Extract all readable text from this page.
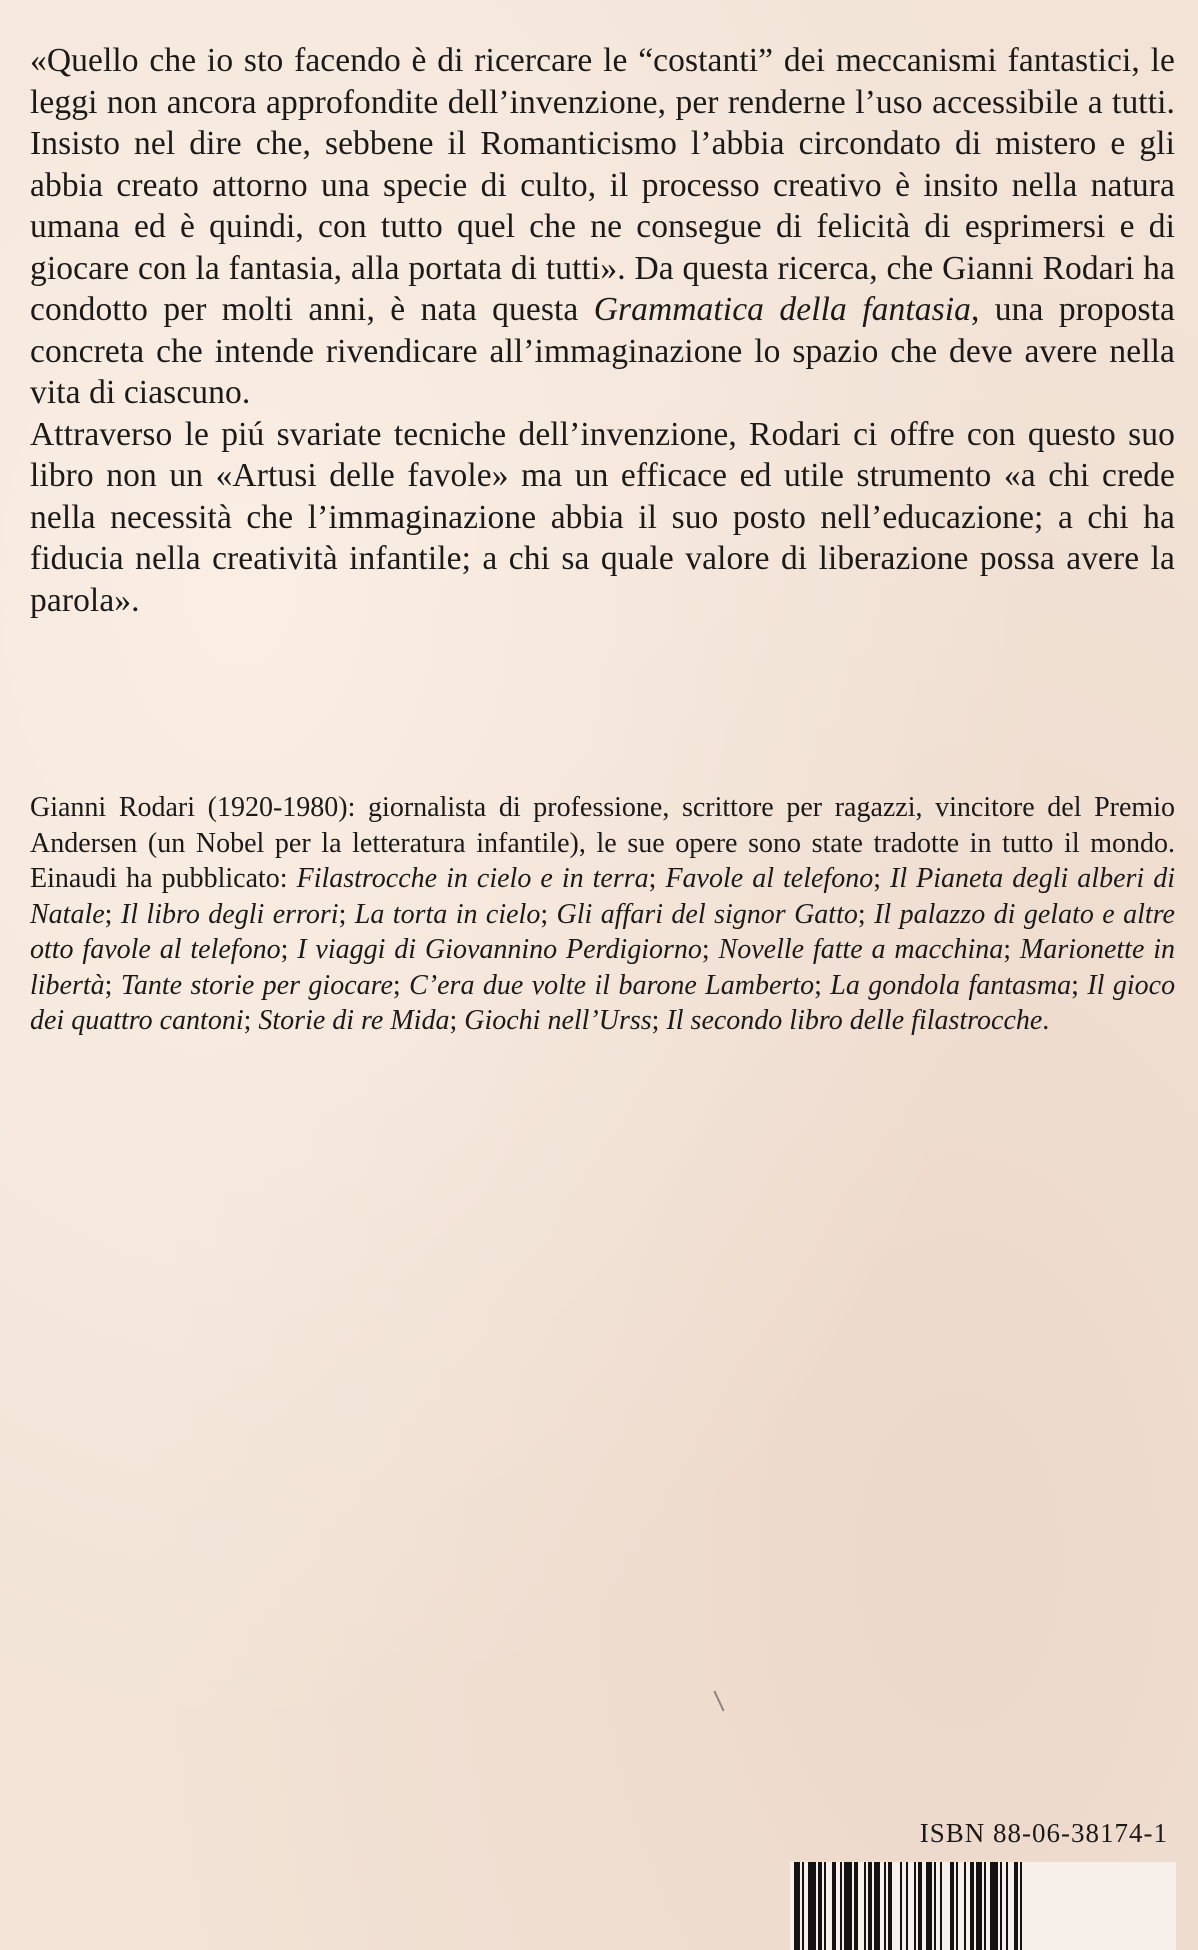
«Quello che io sto facendo è di ricercare le “costanti” dei meccanismi fantastici, le leggi non ancora approfondite dell’invenzione, per renderne l’uso accessibile a tutti. Insisto nel dire che, sebbene il Romanticismo l’abbia circondato di mistero e gli abbia creato attorno una specie di culto, il processo creativo è insito nella natura umana ed è quindi, con tutto quel che ne consegue di felicità di esprimersi e di giocare con la fantasia, alla portata di tutti». Da questa ricerca, che Gianni Rodari ha condotto per molti anni, è nata questa Grammatica della fantasia, una proposta concreta che intende rivendicare all’immaginazione lo spazio che deve avere nella vita di ciascuno.

Attraverso le piú svariate tecniche dell’invenzione, Rodari ci offre con questo suo libro non un «Artusi delle favole» ma un efficace ed utile strumento «a chi crede nella necessità che l’immaginazione abbia il suo posto nell’educazione; a chi ha fiducia nella creatività infantile; a chi sa quale valore di liberazione possa avere la parola».

Gianni Rodari (1920-1980): giornalista di professione, scrittore per ragazzi, vincitore del Premio Andersen (un Nobel per la letteratura infantile), le sue opere sono state tradotte in tutto il mondo. Einaudi ha pubblicato: Filastrocche in cielo e in terra; Favole al telefono; Il Pianeta degli alberi di Natale; Il libro degli errori; La torta in cielo; Gli affari del signor Gatto; Il palazzo di gelato e altre otto favole al telefono; I viaggi di Giovannino Perdigiorno; Novelle fatte a macchina; Marionette in libertà; Tante storie per giocare; C’era due volte il barone Lamberto; La gondola fantasma; Il gioco dei quattro cantoni; Storie di re Mida; Giochi nell’Urss; Il secondo libro delle filastrocche.

ISBN 88-06-38174-1
